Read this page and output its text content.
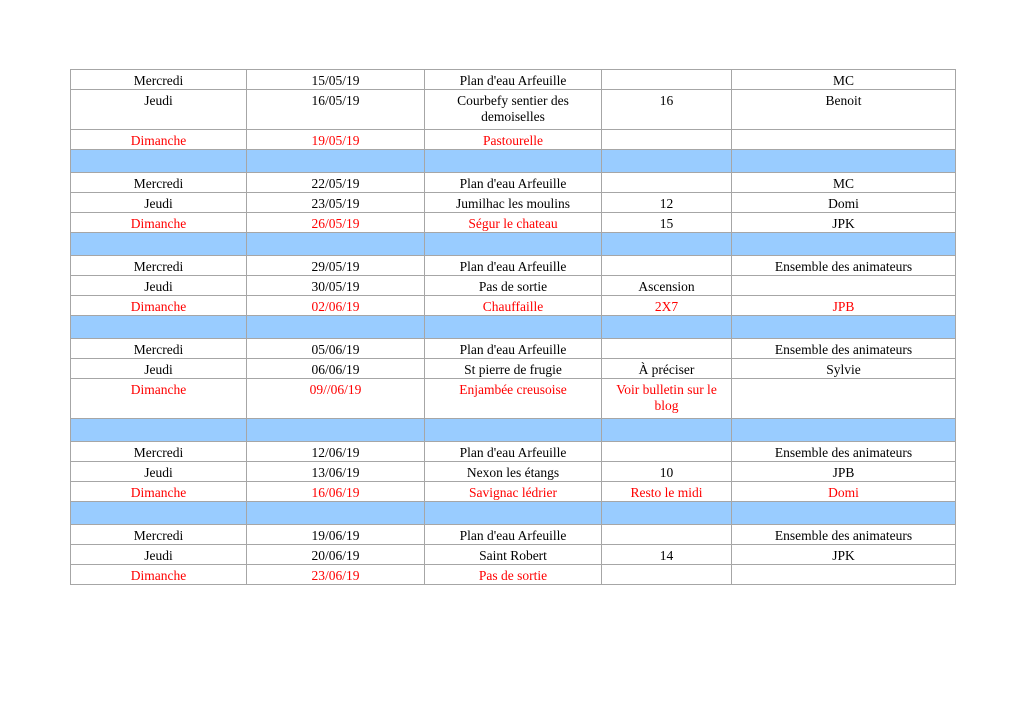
Mercredi	15/05/19	Plan d'eau Arfeuille		MC
Jeudi	16/05/19	Courbefy sentier des demoiselles	16	Benoit
Dimanche	19/05/19	Pastourelle		

Mercredi	22/05/19	Plan d'eau Arfeuille		MC
Jeudi	23/05/19	Jumilhac les moulins	12	Domi
Dimanche	26/05/19	Ségur le chateau	15	JPK

Mercredi	29/05/19	Plan d'eau Arfeuille		Ensemble des animateurs
Jeudi	30/05/19	Pas de sortie	Ascension	
Dimanche	02/06/19	Chauffaille	2X7	JPB

Mercredi	05/06/19	Plan d'eau Arfeuille		Ensemble des animateurs
Jeudi	06/06/19	St pierre de frugie	À préciser	Sylvie
Dimanche	09//06/19	Enjambée creusoise	Voir bulletin sur le blog	

Mercredi	12/06/19	Plan d'eau Arfeuille		Ensemble des animateurs
Jeudi	13/06/19	Nexon les étangs	10	JPB
Dimanche	16/06/19	Savignac lédrier	Resto le midi	Domi

Mercredi	19/06/19	Plan d'eau Arfeuille		Ensemble des animateurs
Jeudi	20/06/19	Saint Robert	14	JPK
Dimanche	23/06/19	Pas de sortie		
